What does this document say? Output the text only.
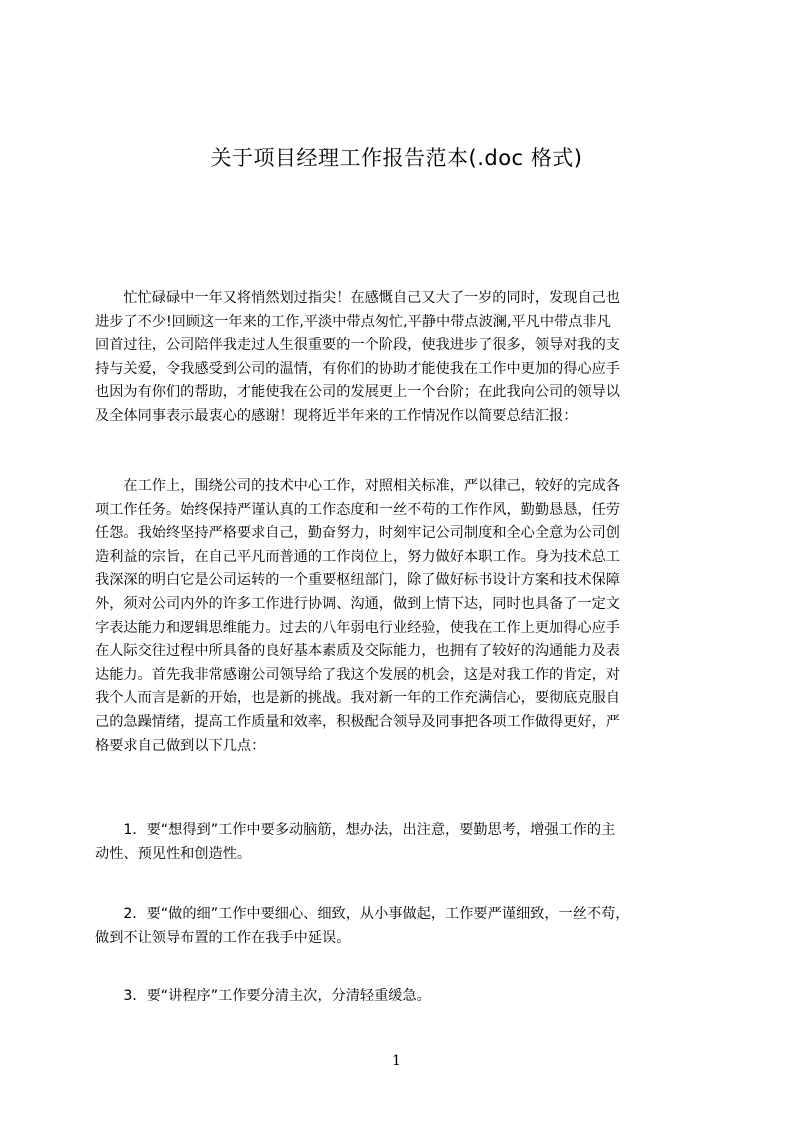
关于项目经理工作报告范本(.doc 格式)
　　忙忙碌碌中一年又将悄然划过指尖！在感慨自己又大了一岁的同时，发现自己也
进步了不少!回顾这一年来的工作,平淡中带点匆忙,平静中带点波澜,平凡中带点非凡
回首过往，公司陪伴我走过人生很重要的一个阶段，使我进步了很多，领导对我的支
持与关爱，令我感受到公司的温情，有你们的协助才能使我在工作中更加的得心应手
也因为有你们的帮助，才能使我在公司的发展更上一个台阶；在此我向公司的领导以
及全体同事表示最衷心的感谢！现将近半年来的工作情况作以简要总结汇报：
　　在工作上，围绕公司的技术中心工作，对照相关标准，严以律己，较好的完成各
项工作任务。始终保持严谨认真的工作态度和一丝不苟的工作作风，勤勤恳恳，任劳
任怨。我始终坚持严格要求自己，勤奋努力，时刻牢记公司制度和全心全意为公司创
造利益的宗旨，在自己平凡而普通的工作岗位上，努力做好本职工作。身为技术总工
我深深的明白它是公司运转的一个重要枢纽部门，除了做好标书设计方案和技术保障
外，须对公司内外的许多工作进行协调、沟通，做到上情下达，同时也具备了一定文
字表达能力和逻辑思维能力。过去的八年弱电行业经验，使我在工作上更加得心应手
在人际交往过程中所具备的良好基本素质及交际能力，也拥有了较好的沟通能力及表
达能力。首先我非常感谢公司领导给了我这个发展的机会，这是对我工作的肯定，对
我个人而言是新的开始，也是新的挑战。我对新一年的工作充满信心，要彻底克服自
己的急躁情绪，提高工作质量和效率，积极配合领导及同事把各项工作做得更好，严
格要求自己做到以下几点：
　　1．要“想得到”工作中要多动脑筋，想办法，出注意，要勤思考，增强工作的主
动性、预见性和创造性。
　　2．要“做的细”工作中要细心、细致，从小事做起，工作要严谨细致，一丝不苟，
做到不让领导布置的工作在我手中延误。
　　3．要“讲程序”工作要分清主次，分清轻重缓急。
1
